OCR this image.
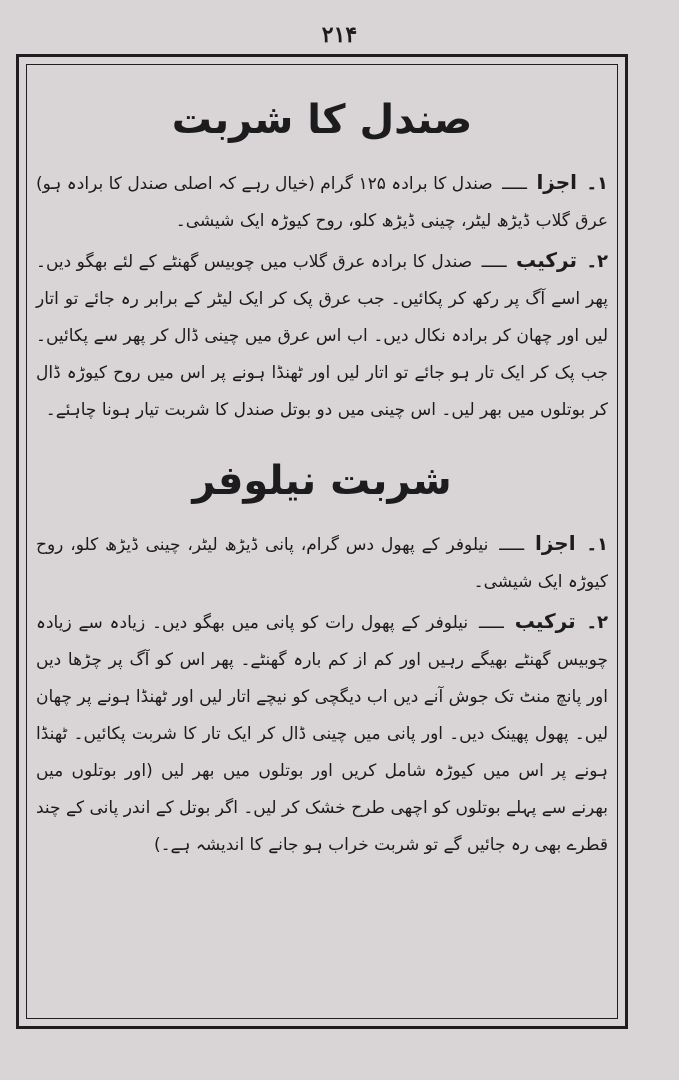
۲۱۴
صندل کا شربت

۱۔ اجزا ـــــ صندل کا برادہ ۱۲۵ گرام (خیال رہے کہ اصلی صندل کا برادہ ہو) عرق گلاب ڈیڑھ لیٹر، چینی ڈیڑھ کلو، روح کیوڑہ ایک شیشی۔

۲۔ ترکیب ـــــ صندل کا برادہ عرق گلاب میں چوبیس گھنٹے کے لئے بھگو دیں۔ پھر اسے آگ پر رکھ کر پکائیں۔ جب عرق پک کر ایک لیٹر کے برابر رہ جائے تو اتار لیں اور چھان کر برادہ نکال دیں۔ اب اس عرق میں چینی ڈال کر پھر سے پکائیں۔ جب پک کر ایک تار ہو جائے تو اتار لیں اور ٹھنڈا ہونے پر اس میں روح کیوڑہ ڈال کر بوتلوں میں بھر لیں۔ اس چینی میں دو بوتل صندل کا شربت تیار ہونا چاہئے۔

شربت نیلوفر

۱۔ اجزا ـــــ نیلوفر کے پھول دس گرام، پانی ڈیڑھ لیٹر، چینی ڈیڑھ کلو، روح کیوڑہ ایک شیشی۔

۲۔ ترکیب ـــــ نیلوفر کے پھول رات کو پانی میں بھگو دیں۔ زیادہ سے زیادہ چوبیس گھنٹے بھیگے رہیں اور کم از کم بارہ گھنٹے۔ پھر اس کو آگ پر چڑھا دیں اور پانچ منٹ تک جوش آنے دیں اب دیگچی کو نیچے اتار لیں اور ٹھنڈا ہونے پر چھان لیں۔ پھول پھینک دیں۔ اور پانی میں چینی ڈال کر ایک تار کا شربت پکائیں۔ ٹھنڈا ہونے پر اس میں کیوڑہ شامل کریں اور بوتلوں میں بھر لیں (اور بوتلوں میں بھرنے سے پہلے بوتلوں کو اچھی طرح خشک کر لیں۔ اگر بوتل کے اندر پانی کے چند قطرے بھی رہ جائیں گے تو شربت خراب ہو جانے کا اندیشہ ہے۔)
